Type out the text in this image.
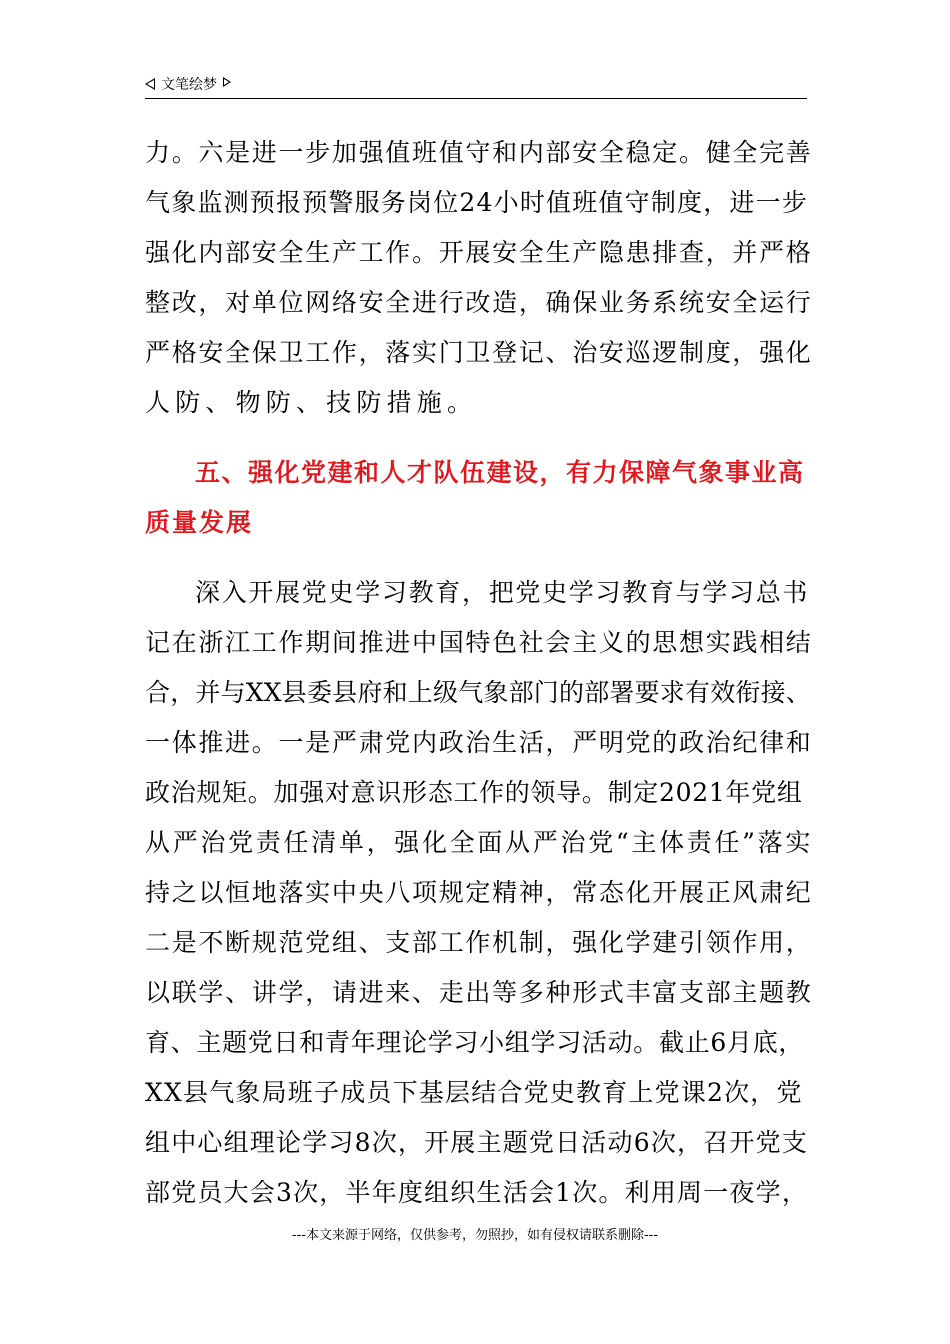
文笔绘梦
力。六是进一步加强值班值守和内部安全稳定。健全完善
气象监测预报预警服务岗位24小时值班值守制度，进一步
强化内部安全生产工作。开展安全生产隐患排查，并严格
整改，对单位网络安全进行改造，确保业务系统安全运行
严格安全保卫工作，落实门卫登记、治安巡逻制度，强化
人防、物防、技防措施。
五、强化党建和人才队伍建设，有力保障气象事业高
质量发展
深入开展党史学习教育，把党史学习教育与学习总书
记在浙江工作期间推进中国特色社会主义的思想实践相结
合，并与XX县委县府和上级气象部门的部署要求有效衔接、
一体推进。一是严肃党内政治生活，严明党的政治纪律和
政治规矩。加强对意识形态工作的领导。制定2021年党组
从严治党责任清单，强化全面从严治党“主体责任”落实
持之以恒地落实中央八项规定精神，常态化开展正风肃纪
二是不断规范党组、支部工作机制，强化学建引领作用，
以联学、讲学，请进来、走出等多种形式丰富支部主题教
育、主题党日和青年理论学习小组学习活动。截止6月底，
XX县气象局班子成员下基层结合党史教育上党课2次，党
组中心组理论学习8次，开展主题党日活动6次，召开党支
部党员大会3次，半年度组织生活会1次。利用周一夜学，
---本文来源于网络，仅供参考，勿照抄，如有侵权请联系删除---
